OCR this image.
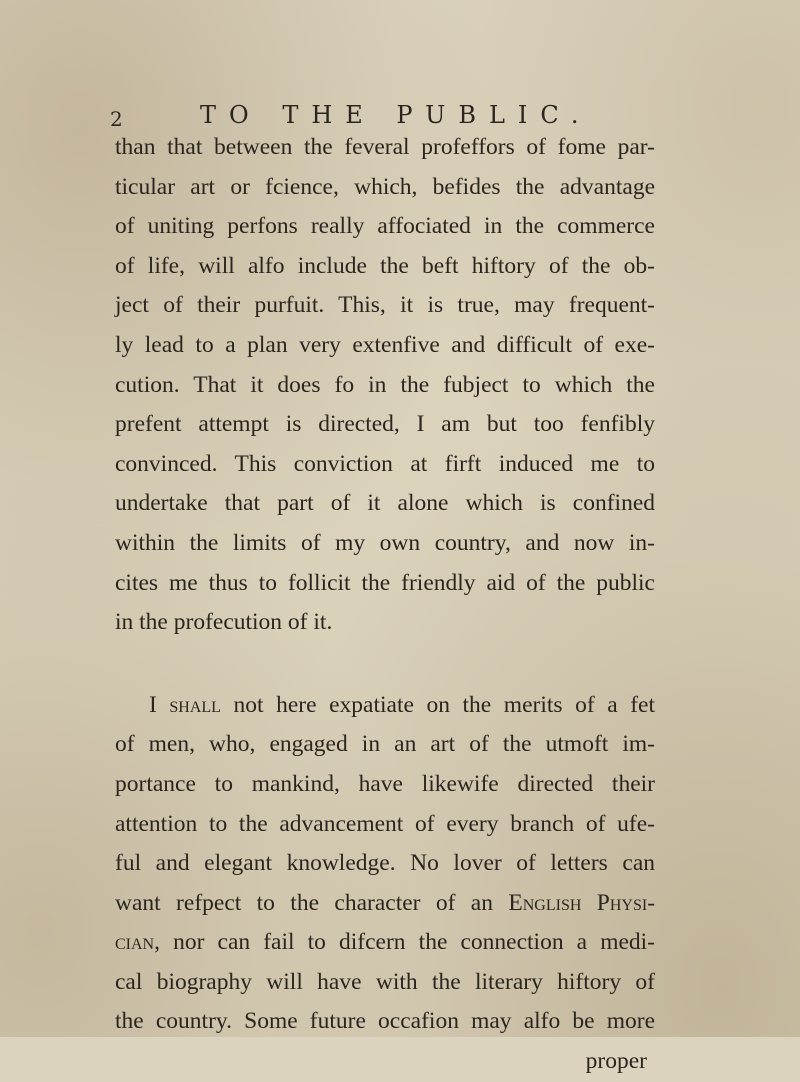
2	TO THE PUBLIC.
than that between the feveral profeffors of fome par-
ticular art or fcience, which, befides the advantage
of uniting perfons really affociated in the commerce
of life, will alfo include the beft hiftory of the ob-
ject of their purfuit. This, it is true, may frequent-
ly lead to a plan very extenfive and difficult of exe-
cution. That it does fo in the fubject to which the
prefent attempt is directed, I am but too fenfibly
convinced. This conviction at firft induced me to
undertake that part of it alone which is confined
within the limits of my own country, and now in-
cites me thus to follicit the friendly aid of the public
in the profecution of it.
I shall not here expatiate on the merits of a fet
of men, who, engaged in an art of the utmoft im-
portance to mankind, have likewife directed their
attention to the advancement of every branch of ufe-
ful and elegant knowledge. No lover of letters can
want refpect to the character of an English Physi-
cian, nor can fail to difcern the connection a medi-
cal biography will have with the literary hiftory of
the country. Some future occafion may alfo be more
proper
